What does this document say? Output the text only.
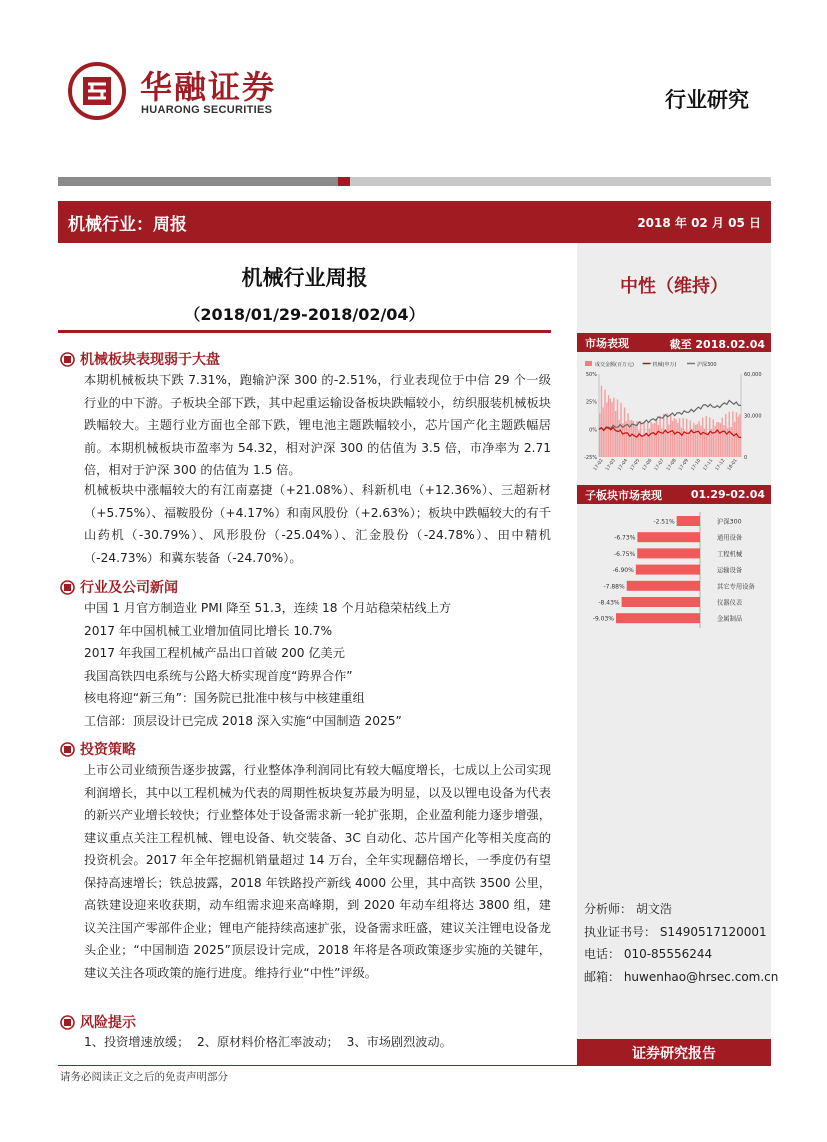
华融证券
HUARONG SECURITIES	行业研究
机械行业：周报	2018 年 02 月 05 日
中性（维持）
市场表现	截至 2018.02.04
成交金额(百万元)	机械(申万)	沪深300
50%
25%
0%
-25%
60,000
30,000
0
17-02 17-03 17-04 17-05 17-06 17-07 17-08 17-09 17-10 17-11 17-12 18-01
子板块市场表现	01.29-02.04
-2.51%	沪深300
-6.73%	通用设备
-6.75%	工程机械
-6.90%	运输设备
-7.88%	其它专用设备
-8.43%	仪器仪表
-9.03%	金属制品
分析师： 胡文浩
执业证书号： S1490517120001
电话： 010-85556244
邮箱： huwenhao@hrsec.com.cn
证券研究报告
机械行业周报
（2018/01/29-2018/02/04）
机械板块表现弱于大盘
本期机械板块下跌 7.31%，跑输沪深 300 的-2.51%，行业表现位于中信 29 个一级行业的中下游。子板块全部下跌，其中起重运输设备板块跌幅较小，纺织服装机械板块跌幅较大。主题行业方面也全部下跌，锂电池主题跌幅较小，芯片国产化主题跌幅居前。本期机械板块市盈率为 54.32，相对沪深 300 的估值为 3.5 倍，市净率为 2.71 倍，相对于沪深 300 的估值为 1.5 倍。
机械板块中涨幅较大的有江南嘉捷（+21.08%）、科新机电（+12.36%）、三超新材（+5.75%）、福鞍股份（+4.17%）和南风股份（+2.63%）；板块中跌幅较大的有千山药机（-30.79%）、风形股份（-25.04%）、汇金股份（-24.78%）、田中精机（-24.73%）和冀东装备（-24.70%）。
行业及公司新闻
中国 1 月官方制造业 PMI 降至 51.3，连续 18 个月站稳荣枯线上方
2017 年中国机械工业增加值同比增长 10.7%
2017 年我国工程机械产品出口首破 200 亿美元
我国高铁四电系统与公路大桥实现首度“跨界合作”
核电将迎“新三角”：国务院已批准中核与中核建重组
工信部：顶层设计已完成 2018 深入实施“中国制造 2025”
投资策略
上市公司业绩预告逐步披露，行业整体净利润同比有较大幅度增长，七成以上公司实现利润增长，其中以工程机械为代表的周期性板块复苏最为明显，以及以锂电设备为代表的新兴产业增长较快；行业整体处于设备需求新一轮扩张期，企业盈利能力逐步增强，建议重点关注工程机械、锂电设备、轨交装备、3C 自动化、芯片国产化等相关度高的投资机会。2017 年全年挖掘机销量超过 14 万台，全年实现翻倍增长，一季度仍有望保持高速增长；铁总披露，2018 年铁路投产新线 4000 公里，其中高铁 3500 公里，高铁建设迎来收获期，动车组需求迎来高峰期，到 2020 年动车组将达 3800 组，建议关注国产零部件企业；锂电产能持续高速扩张，设备需求旺盛，建议关注锂电设备龙头企业；“中国制造 2025”顶层设计完成，2018 年将是各项政策逐步实施的关键年，建议关注各项政策的施行进度。维持行业“中性”评级。
风险提示
1、投资增速放缓；  2、原材料价格汇率波动；  3、市场剧烈波动。
请务必阅读正文之后的免责声明部分
